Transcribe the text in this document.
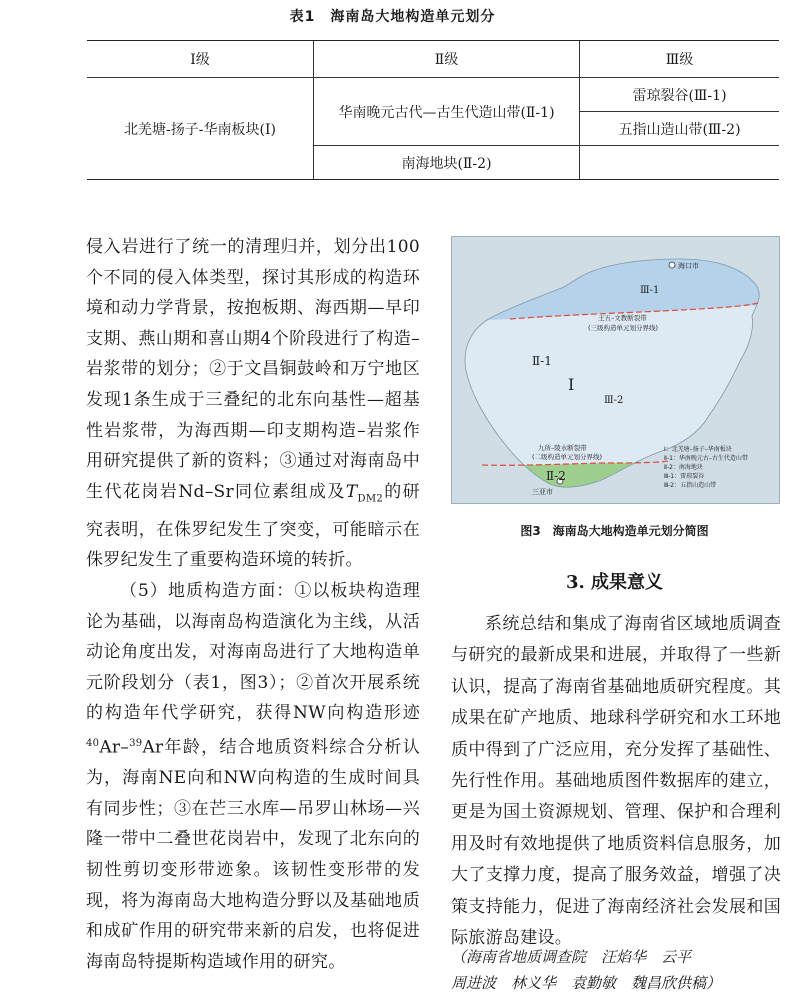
表1　海南岛大地构造单元划分
Ⅰ级	Ⅱ级	Ⅲ级
北羌塘-扬子-华南板块(Ⅰ)	华南晚元古代—古生代造山带(Ⅱ-1)	雷琼裂谷(Ⅲ-1)
		五指山造山带(Ⅲ-2)
	南海地块(Ⅱ-2)	

侵入岩进行了统一的清理归并，划分出100个不同的侵入体类型，探讨其形成的构造环境和动力学背景，按抱板期、海西期—早印支期、燕山期和喜山期4个阶段进行了构造–岩浆带的划分；②于文昌铜鼓岭和万宁地区发现1条生成于三叠纪的北东向基性—超基性岩浆带，为海西期—印支期构造–岩浆作用研究提供了新的资料；③通过对海南岛中生代花岗岩Nd–Sr同位素组成及$T_{DM2}$的研究表明，在侏罗纪发生了突变，可能暗示在侏罗纪发生了重要构造环境的转折。

（5）地质构造方面：①以板块构造理论为基础，以海南岛构造演化为主线，从活动论角度出发，对海南岛进行了大地构造单元阶段划分（表1，图3）；②首次开展系统的构造年代学研究，获得NW向构造形迹$^{40}$Ar–$^{39}$Ar年龄，结合地质资料综合分析认为，海南NE向和NW向构造的生成时间具有同步性；③在芒三水库—吊罗山林场—兴隆一带中二叠世花岗岩中，发现了北东向的韧性剪切变形带迹象。该韧性变形带的发现，将为海南岛大地构造分野以及基础地质和成矿作用的研究带来新的启发，也将促进海南岛特提斯构造域作用的研究。

海口市
三亚市
Ⅲ-1
Ⅱ-1
Ⅰ
Ⅲ-2
Ⅱ-2
王五–文教断裂带
(三级构造单元划分界线)
九所–陵水断裂带
(二级构造单元划分界线)
Ⅰ：北羌塘–扬子–华南板块
Ⅱ-1：华南晚元古–古生代造山带
Ⅱ-2：南海地块
Ⅲ-1：雷琼裂谷
Ⅲ-2：五指山造山带
图3　海南岛大地构造单元划分简图
3. 成果意义

系统总结和集成了海南省区域地质调查与研究的最新成果和进展，并取得了一些新认识，提高了海南省基础地质研究程度。其成果在矿产地质、地球科学研究和水工环地质中得到了广泛应用，充分发挥了基础性、先行性作用。基础地质图件数据库的建立，更是为国土资源规划、管理、保护和合理利用及时有效地提供了地质资料信息服务，加大了支撑力度，提高了服务效益，增强了决策支持能力，促进了海南经济社会发展和国际旅游岛建设。

（海南省地质调查院　汪焰华　云平
周进波　林义华　袁勤敏　魏昌欣供稿）
